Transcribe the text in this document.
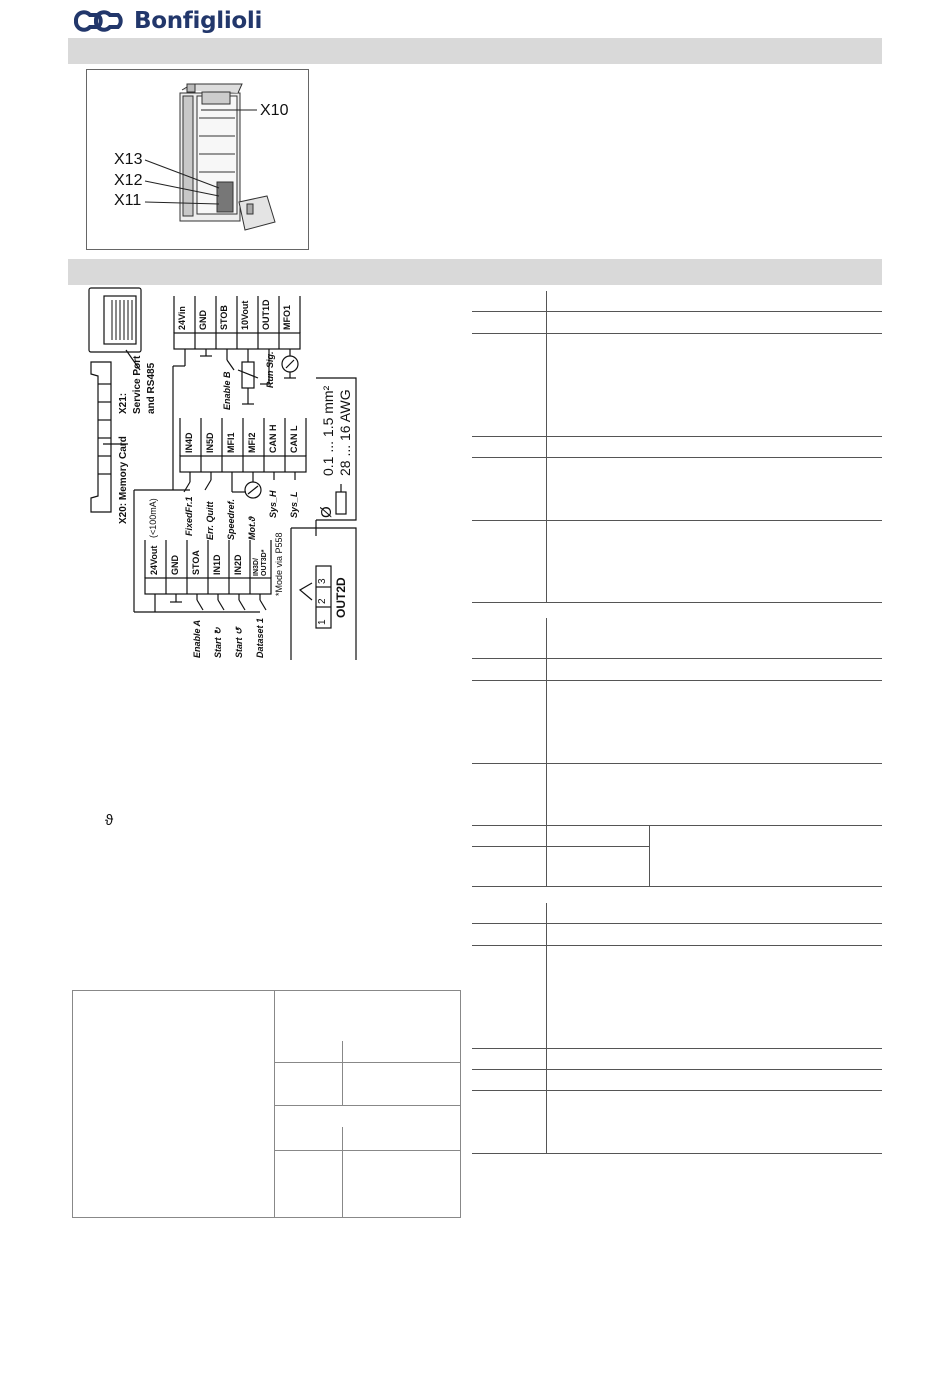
Bonfiglioli
X10
X13
X12
X11
X21: Service Port and RS485
X20: Memory Card
24Vin GND STOB 10Vout OUT1D MFO1
Enable B
Run Sig.
IN4D IN5D MFI1 MFI2 CAN H CAN L
FixedFr.1 Err. Quitt Speedref. Mot.ϑ
Sys_H Sys_L
(<100mA)
24Vout GND STOA IN1D IN2D IN3D/ OUT3D* *Mode via P558
Enable A Start ↻ Start ↺ Dataset 1
Ø
0.1 ... 1.5 mm² 28 ... 16 AWG
1
2
3 OUT2D
ϑ
